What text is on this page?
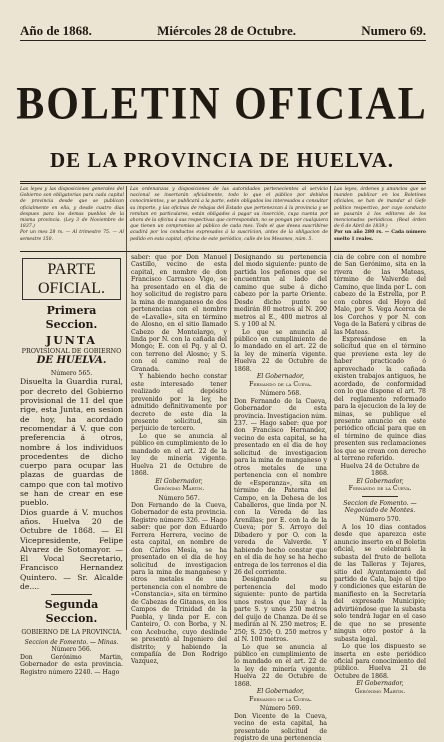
Año de 1868.	Miércoles 28 de Octubre.	Numero 69.
BOLETIN OFICIAL
DE LA PROVINCIA DE HUELVA.

Las leyes y las disposiciones generales del Gobierno son obligatorias para cada capital de provincia desde que se publican oficialmente en ella, y desde cuatro dias despues para los demas pueblos de la misma provincia. (Ley 3 de Noviembre de 1837.)

Por un mes 28 rs. — Al trimestre 75. — Al semestre 150.

Las ordenanzas y disposiciones de las autoridades pertenecientes al servicio nacional se insertarán oficialmente, todo lo que el público por debidos conocimientos, y se publicará a la parte, estén obligados los interesados a consultar su importe, y las oficinas de rebajas del Estado que pertenezcan á la provincia y se remitan en particulares, están obligados á pagar su inserción, cuya cuenta por ahora de la oficina á sus respectivas que correspondan, no se pongan por cualquiera que tienen un compromiso al público de cada mes. Todo el que desea suscribirse acudirá por los conductos expresados á la suscricion, antes de la obligacion de pedido en esta capital, oficina de este periódico, calle de los Mesones, núm. 5.

Las leyes, órdenes y anuncios que se manden publicar en los Boletines oficiales, se han de mandar al Gefe político respectivo, por cuyo conducto se pasarán á los editores de los mencionados periódicos. (Real órden de 6 de Abril de 1839.)

Por un año 280 rs. — Cada número suelto 1 reales.

PARTE OFICIAL.
Primera Seccion.
JUNTA
PROVISIONAL DE GOBIERNO
DE HUELVA.
Número 565.

Disuelta la Guardia rural, por decreto del Gobierno provisional de 11 del que rige, esta Junta, en sesion de hoy, ha acordado recomendar á V. que con preferencia á otros, nombre á los individuos procedentes de dicho cuerpo para ocupar las plazas de guardas de campo que con tal motivo se han de crear en ese pueblo.

Dios guarde á V. muchos años. Huelva 20 de Octubre de 1868. — El Vicepresidente, Felipe Alvarez de Sotomayor. — El Vocal Secretario, Francisco Hernandez Quintero. — Sr. Alcalde de....

Segunda Seccion.
GOBIERNO DE LA PROVINCIA.
Seccion de Fomento. — Minas.
Número 566.

Don Gerónimo Martin, Gobernador de esta provincia. Registro número 2240. — Hago

saber: que por Don Manuel Castillo, vecino de esta capital, en nombre de don Francisco Carrasco Vigo, se ha presentado en el dia de hoy solicitud de registro para la mina de manganeso de dos pertenencias con el nombre de «Lavalle», sita en término de Alosno, en el sitio llamado Cabezo de Montelargo, y linda por N. con la cañada del Mongo; E. con el Pq. y al O. con terreno del Alosno; y S. con el camino real de Granada.

Y habiendo hecho constar este interesado tener realizado el depósito prevenido por la ley, he admitido definitivamente por decreto de este dia la presente solicitud, sin perjuicio de tercero.

Lo que se anuncia al público en cumplimiento de lo mandado en el art. 22 de la ley de minería vigente. Huelva 21 de Octubre de 1868.

El Gobernador,
Gerónimo Martin.
Número 567.

Don Fernando de la Cueva, Gobernador de esta provincia. Registro número 326. — Hago saber: que por don Eduardo Ferrera Herrera, vecino de esta capital, en nombre de don Cárlos Mesía, se ha presentado en el dia de hoy solicitud de investigacion para la mina de manganeso y otros metales de una pertenencia con el nombre de «Constancia», sita en término de Cabezas de Gitanos, en los Campos de Trinidad de la Puebla, y linda por E. con Canteiro, O. con Borba, y N. con Acebuche, cuyo deslinde se presentó al Ingeniero del distrito; y habiendo la compañía de Don Rodrigo Vazquez,

Designando su pertenencia del modo siguiente: punto de partida los peñones que se encuentran al lado del camino que sube á dicho cabezo por la parte Oriente. Desde dicho punto se medirán 80 metros al N. 200 metros al E., 400 metros al S. y 100 al N.

Lo que se anuncia al público en cumplimiento de lo mandado en el art. 22 de la ley de minería vigente. Huelva 22 de Octubre de 1868.

El Gobernador,
Fernando de la Cueva.
Número 568.

Don Fernando de la Cueva, Gobernador de esta provincia. Investigacion núm. 237. — Hago saber: que por don Francisco Hernandez, vecino de esta capital, se ha presentado en el dia de hoy solicitud de investigacion para la mina de manganeso y otros metales de una pertenencia con el nombre de «Esperanza», sita en término de Paterna del Campo, en la Dehesa de los Caballeros, que linda por N. con la Vereda de las Arenillas; por E. con la de la Cueva; por S. Arroyo del Dibadero y por O. con la vereda de Valverde. Y habiendo hecho constar que en el dia de hoy se ha hecho entrega de los terrenos el dia 26 del corriente.

Designando su pertenencia del modo siguiente: punto de partida unos restos que hay á la parte S. y unos 250 metros del guijo de Chanza. De él se medirán al N. 250 metros; E. 250; S. 250; O. 250 metros y al N. 100 metros.

Lo que se anuncia al público en cumplimiento de lo mandado en el art. 22 de la ley de minería vigente. Huelva 22 de Octubre de 1868.

El Gobernador,
Fernando de la Cueva.
Número 569.

Don Vicente de la Cueva, vecino de esta capital, ha presentado solicitud de registro de una pertenencia

cia de cobre con el nombre de San Gerónimo, sita en la rivera de las Mateas, término de Valverde del Camino, que linda por L. con cabezo de la Estrella, por P. con cobres del Hoyo del Malo, por S. Vega Acerca de los Corchos y por N. con Vega de la Batera y cibras de las Mateas.

Expresándose en la solicitud que en el término que previene esta ley de haber practicado ó aprovechado la cañada existen trabajos antiguos, he acordado, de conformidad con lo que dispone el art. 78 del reglamento reformado para la ejecucion de la ley de minas, se publique el presente anuncio en este periódico oficial para que en el término de quince dias presenten sus reclamaciones los que se crean con derecho al terreno referido.

Huelva 24 de Octubre de 1868.

El Gobernador,
Fernando de la Cueva.
Seccion de Fomento. — Negociado de Montes.
Número 570.

A los 10 dias contados desde que aparezca este anuncio inserto en el Boletin oficial, se celebrará la subasta del fruto de bellota de las Talleras y Tejares, sitio del Ayuntamiento del partido de Cala, bajo el tipo y condiciones que estarán de manifiesto en la Secretaría del expresado Municipio; advirtiéndose que la subasta solo tendrá lugar en el caso de que no se presente ningun otro postor á la subasta legal.

Lo que los dispuesto se inserta en este periódico oficial para conocimiento del público. Huelva 21 de Octubre de 1868.

El Gobernador,
Gerónimo Martin.
